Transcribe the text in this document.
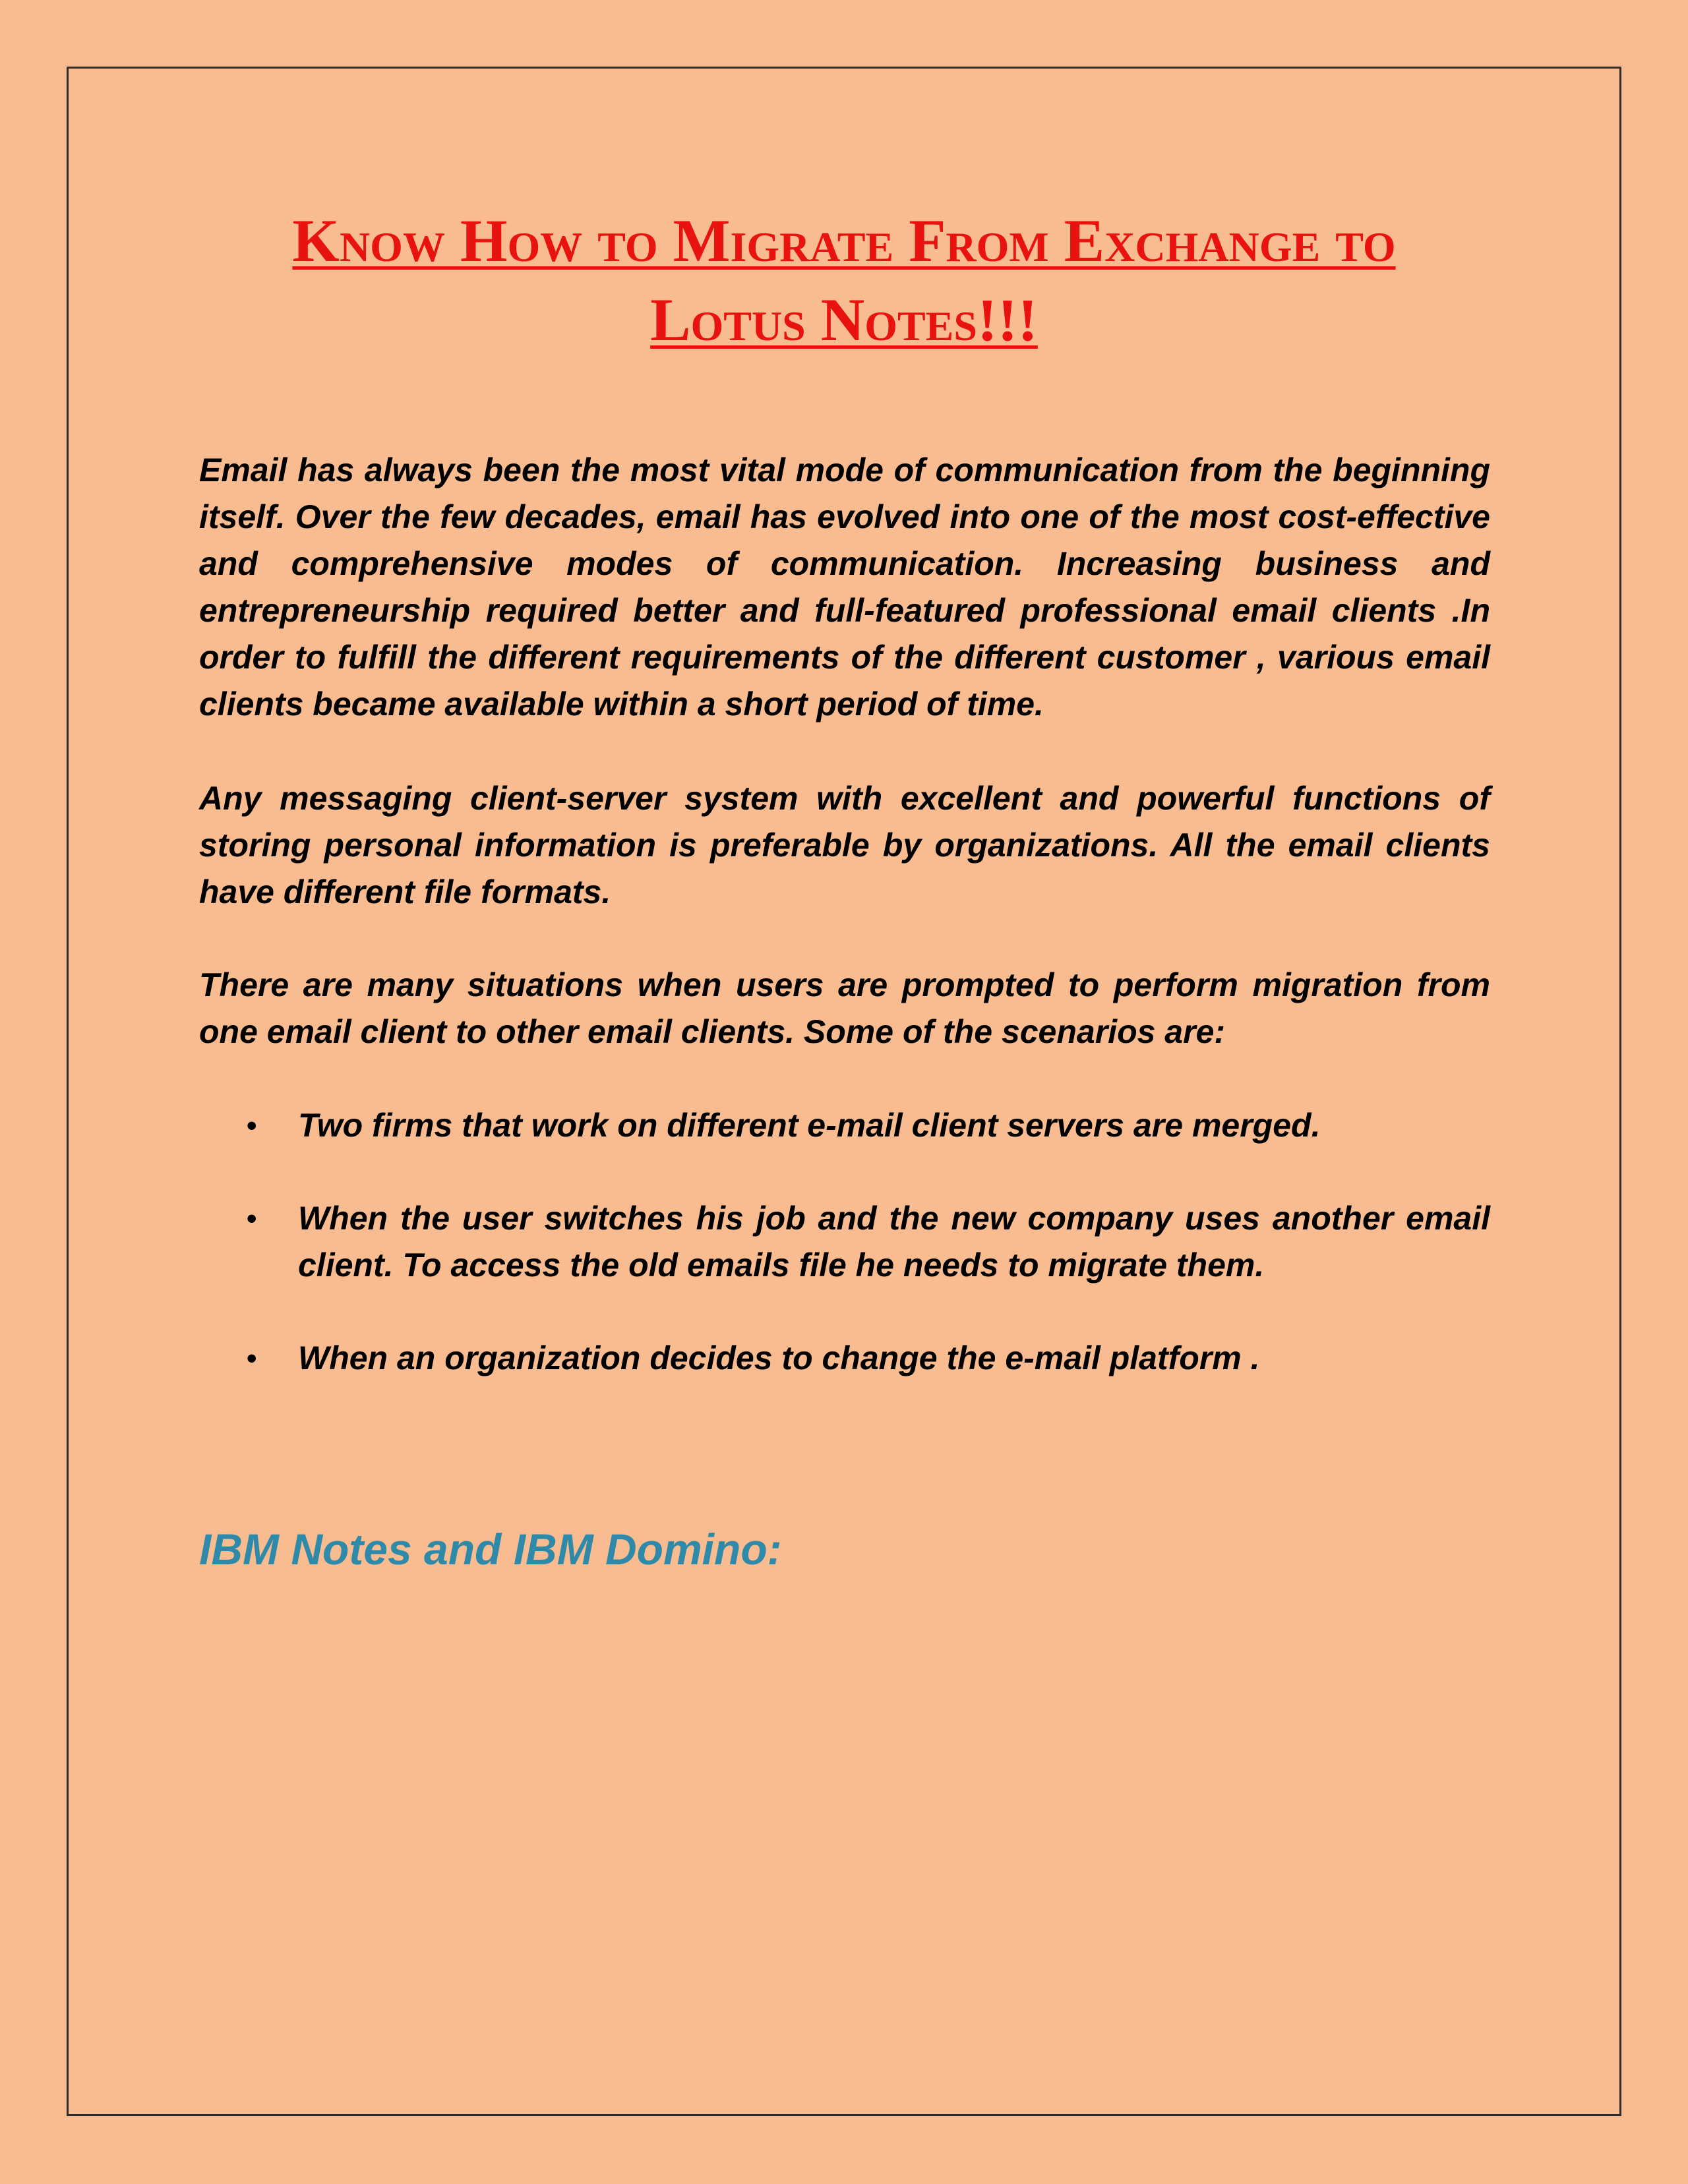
Know How to Migrate From Exchange to
Lotus Notes!!!

Email has always been the most vital mode of communication from the beginning itself. Over the few decades, email has evolved into one of the most cost-effective and comprehensive modes of communication. Increasing business and entrepreneurship required better and full-featured professional email clients .In order to fulfill the different requirements of the different customer , various email clients became available within a short period of time.

Any messaging client-server system with excellent and powerful functions of storing personal information is preferable by organizations. All the email clients have different file formats.

There are many situations when users are prompted to perform migration from one email client to other email clients. Some of the scenarios are:

• Two firms that work on different e-mail client servers are merged.
• When the user switches his job and the new company uses another email client. To access the old emails file he needs to migrate them.
• When an organization decides to change the e-mail platform .
IBM Notes and IBM Domino:
